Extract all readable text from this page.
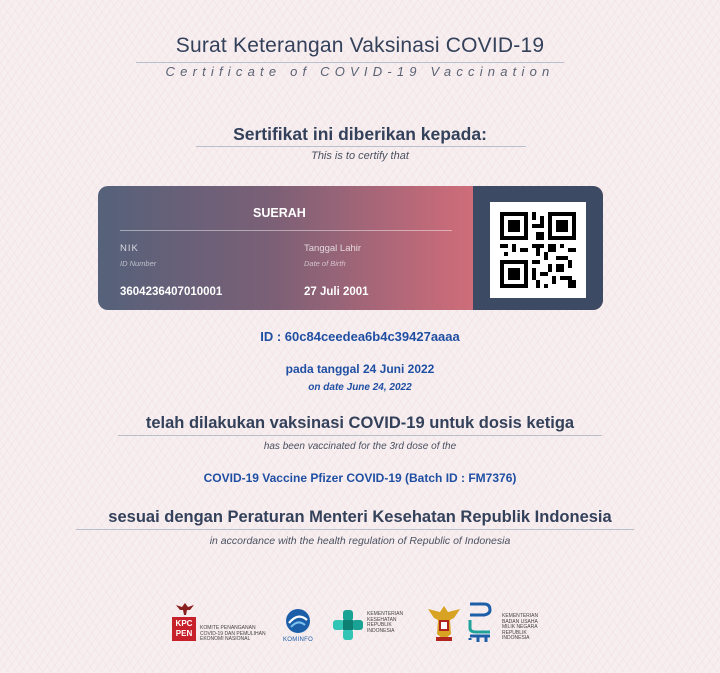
Surat Keterangan Vaksinasi COVID-19
Certificate of COVID-19 Vaccination
Sertifikat ini diberikan kepada:
This is to certify that
SUERAH
NIK
ID Number
3604236407010001
Tanggal Lahir
Date of Birth
27 Juli 2001
ID : 60c84ceedea6b4c39427aaaa
pada tanggal 24 Juni 2022
on date June 24, 2022
telah dilakukan vaksinasi COVID-19 untuk dosis ketiga
has been vaccinated for the 3rd dose of the
COVID-19 Vaccine Pfizer COVID-19 (Batch ID : FM7376)
sesuai dengan Peraturan Menteri Kesehatan Republik Indonesia
in accordance with the health regulation of Republic of Indonesia
KPC
PEN
KOMITE PENANGANAN
COVID-19 DAN PEMULIHAN
EKONOMI NASIONAL	KOMINFO
KEMENTERIAN
KESEHATAN
REPUBLIK
INDONESIA
KEMENTERIAN
BADAN USAHA
MILIK NEGARA
REPUBLIK
INDONESIA
